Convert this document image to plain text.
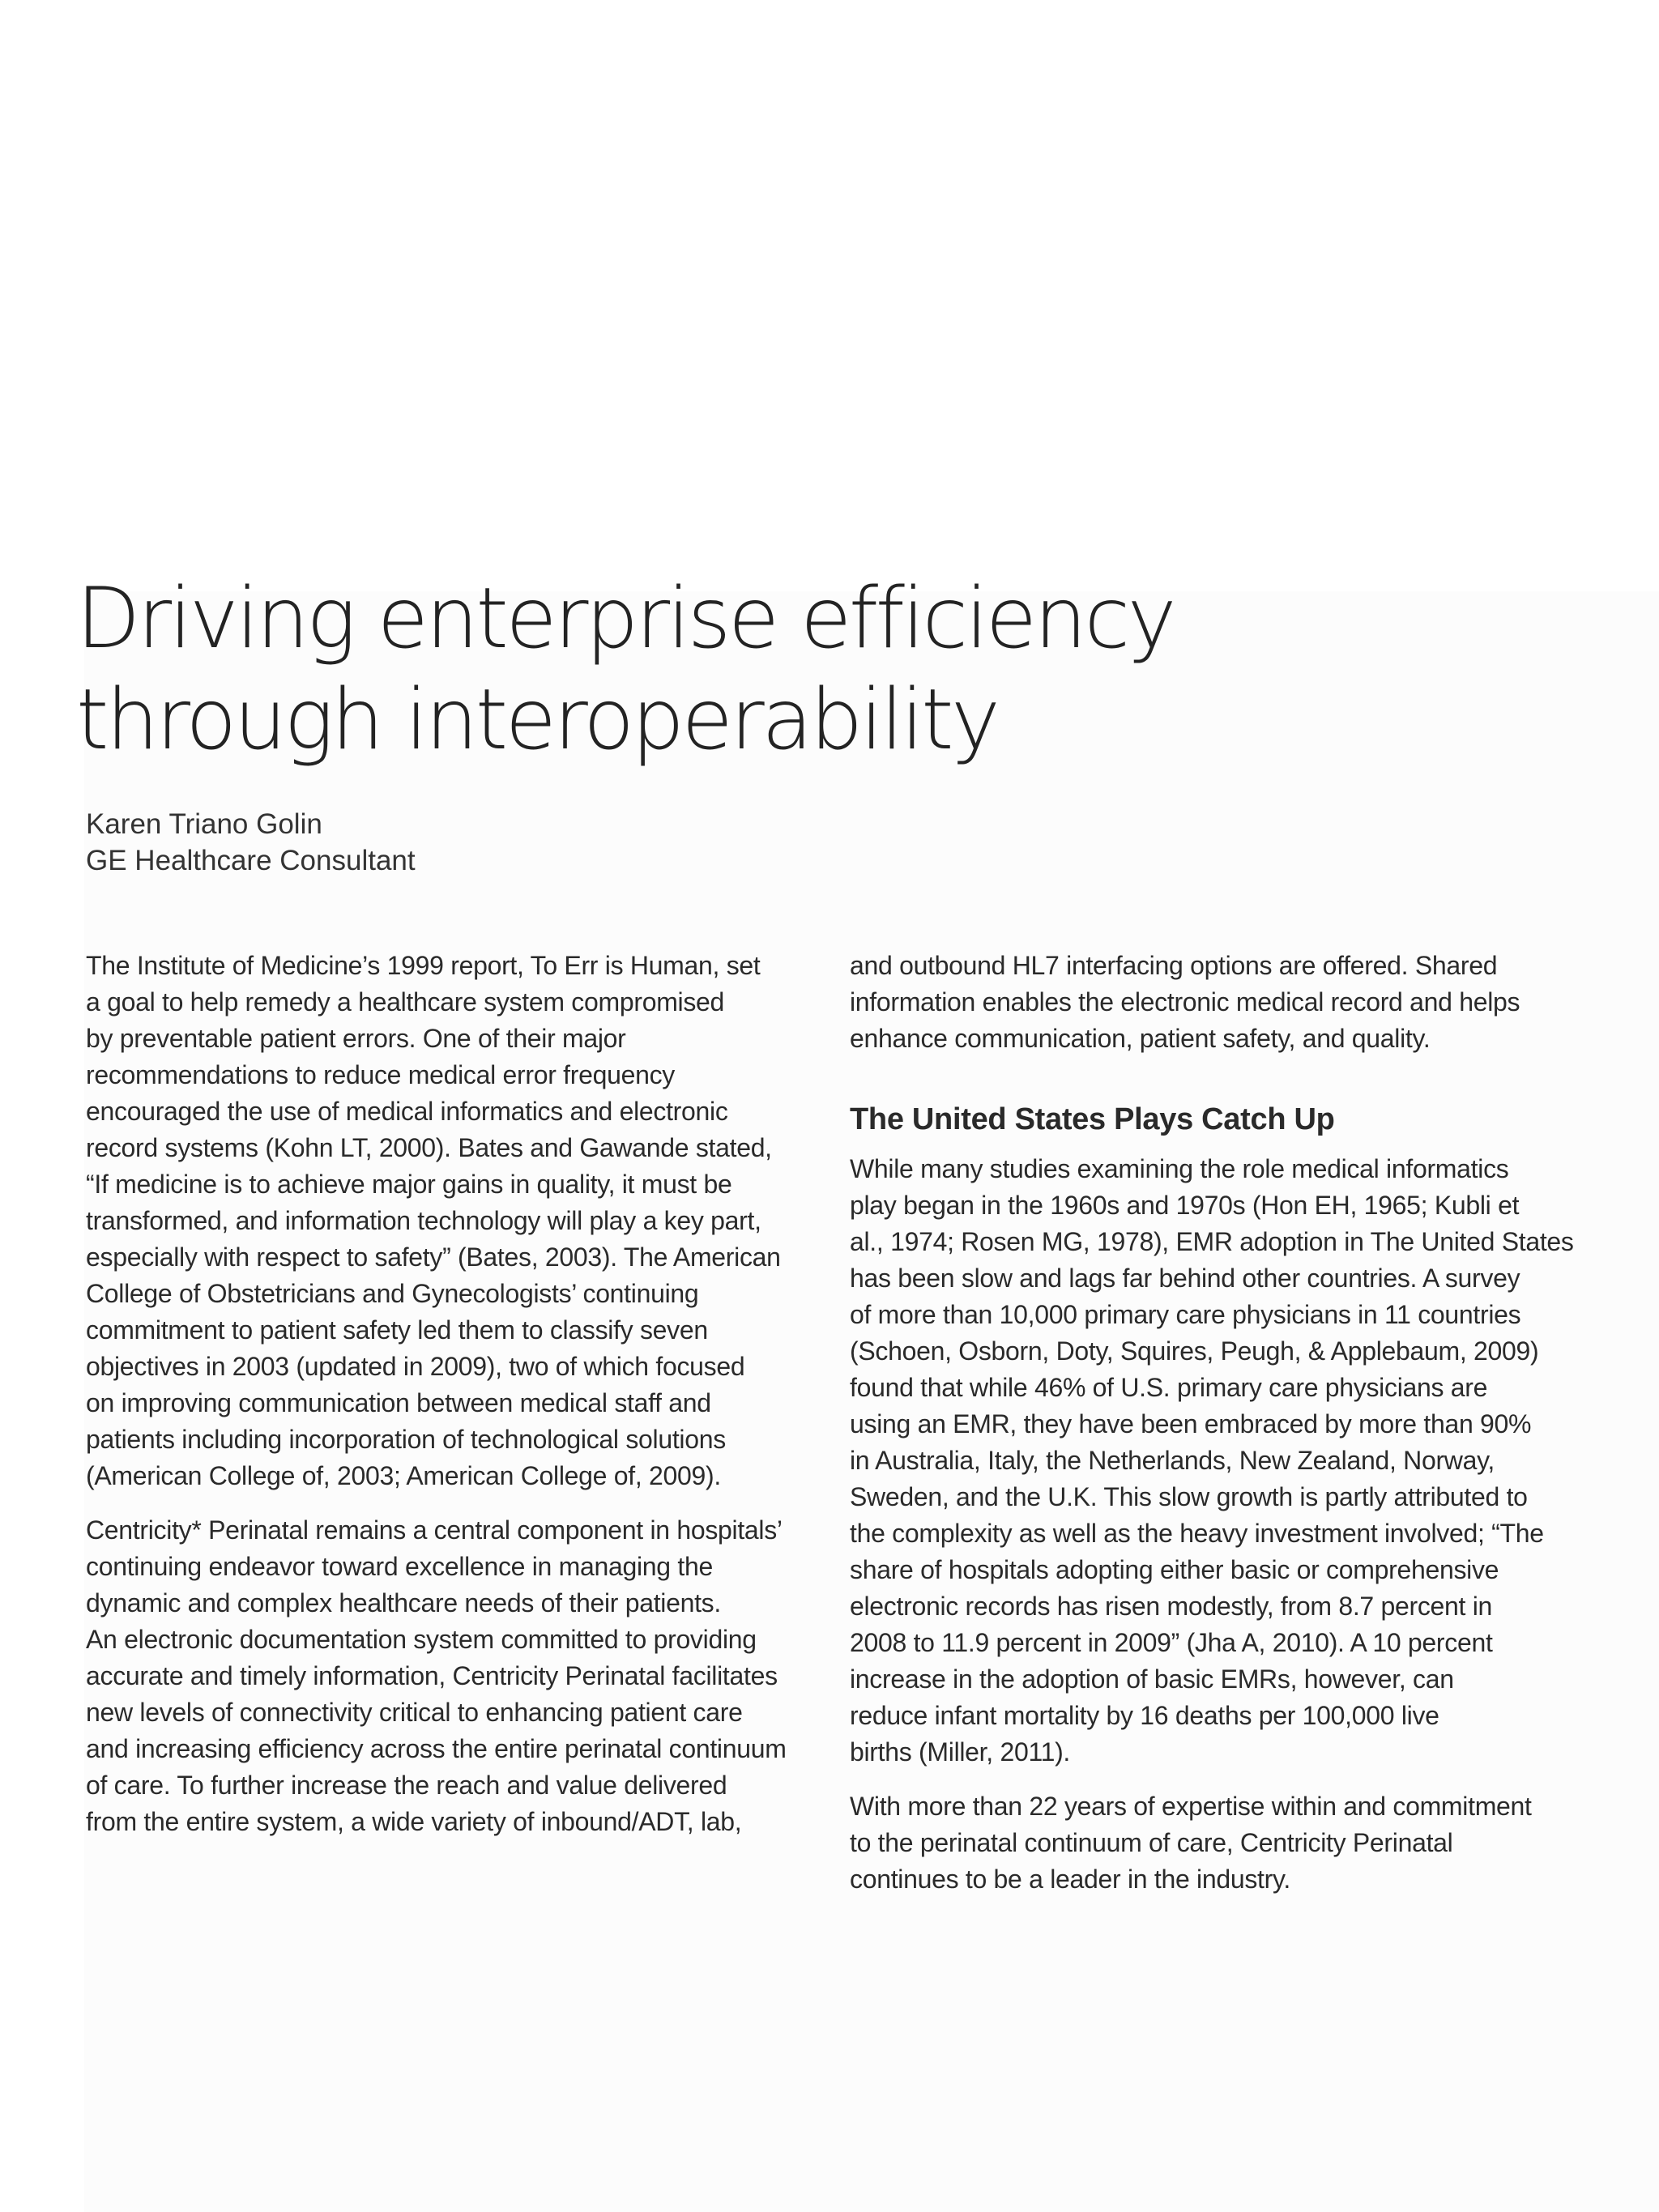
Driving enterprise efficiency
through interoperability
Karen Triano Golin
GE Healthcare Consultant

The Institute of Medicine’s 1999 report, To Err is Human, set
a goal to help remedy a healthcare system compromised
by preventable patient errors. One of their major
recommendations to reduce medical error frequency
encouraged the use of medical informatics and electronic
record systems (Kohn LT, 2000). Bates and Gawande stated,
“If medicine is to achieve major gains in quality, it must be
transformed, and information technology will play a key part,
especially with respect to safety” (Bates, 2003). The American
College of Obstetricians and Gynecologists’ continuing
commitment to patient safety led them to classify seven
objectives in 2003 (updated in 2009), two of which focused
on improving communication between medical staff and
patients including incorporation of technological solutions
(American College of, 2003; American College of, 2009).

Centricity* Perinatal remains a central component in hospitals’
continuing endeavor toward excellence in managing the
dynamic and complex healthcare needs of their patients.
An electronic documentation system committed to providing
accurate and timely information, Centricity Perinatal facilitates
new levels of connectivity critical to enhancing patient care
and increasing efficiency across the entire perinatal continuum
of care. To further increase the reach and value delivered
from the entire system, a wide variety of inbound/ADT, lab,

and outbound HL7 interfacing options are offered. Shared
information enables the electronic medical record and helps
enhance communication, patient safety, and quality.

The United States Plays Catch Up

While many studies examining the role medical informatics
play began in the 1960s and 1970s (Hon EH, 1965; Kubli et
al., 1974; Rosen MG, 1978), EMR adoption in The United States
has been slow and lags far behind other countries. A survey
of more than 10,000 primary care physicians in 11 countries
(Schoen, Osborn, Doty, Squires, Peugh, & Applebaum, 2009)
found that while 46% of U.S. primary care physicians are
using an EMR, they have been embraced by more than 90%
in Australia, Italy, the Netherlands, New Zealand, Norway,
Sweden, and the U.K. This slow growth is partly attributed to
the complexity as well as the heavy investment involved; “The
share of hospitals adopting either basic or comprehensive
electronic records has risen modestly, from 8.7 percent in
2008 to 11.9 percent in 2009” (Jha A, 2010). A 10 percent
increase in the adoption of basic EMRs, however, can
reduce infant mortality by 16 deaths per 100,000 live
births (Miller, 2011).

With more than 22 years of expertise within and commitment
to the perinatal continuum of care, Centricity Perinatal
continues to be a leader in the industry.
